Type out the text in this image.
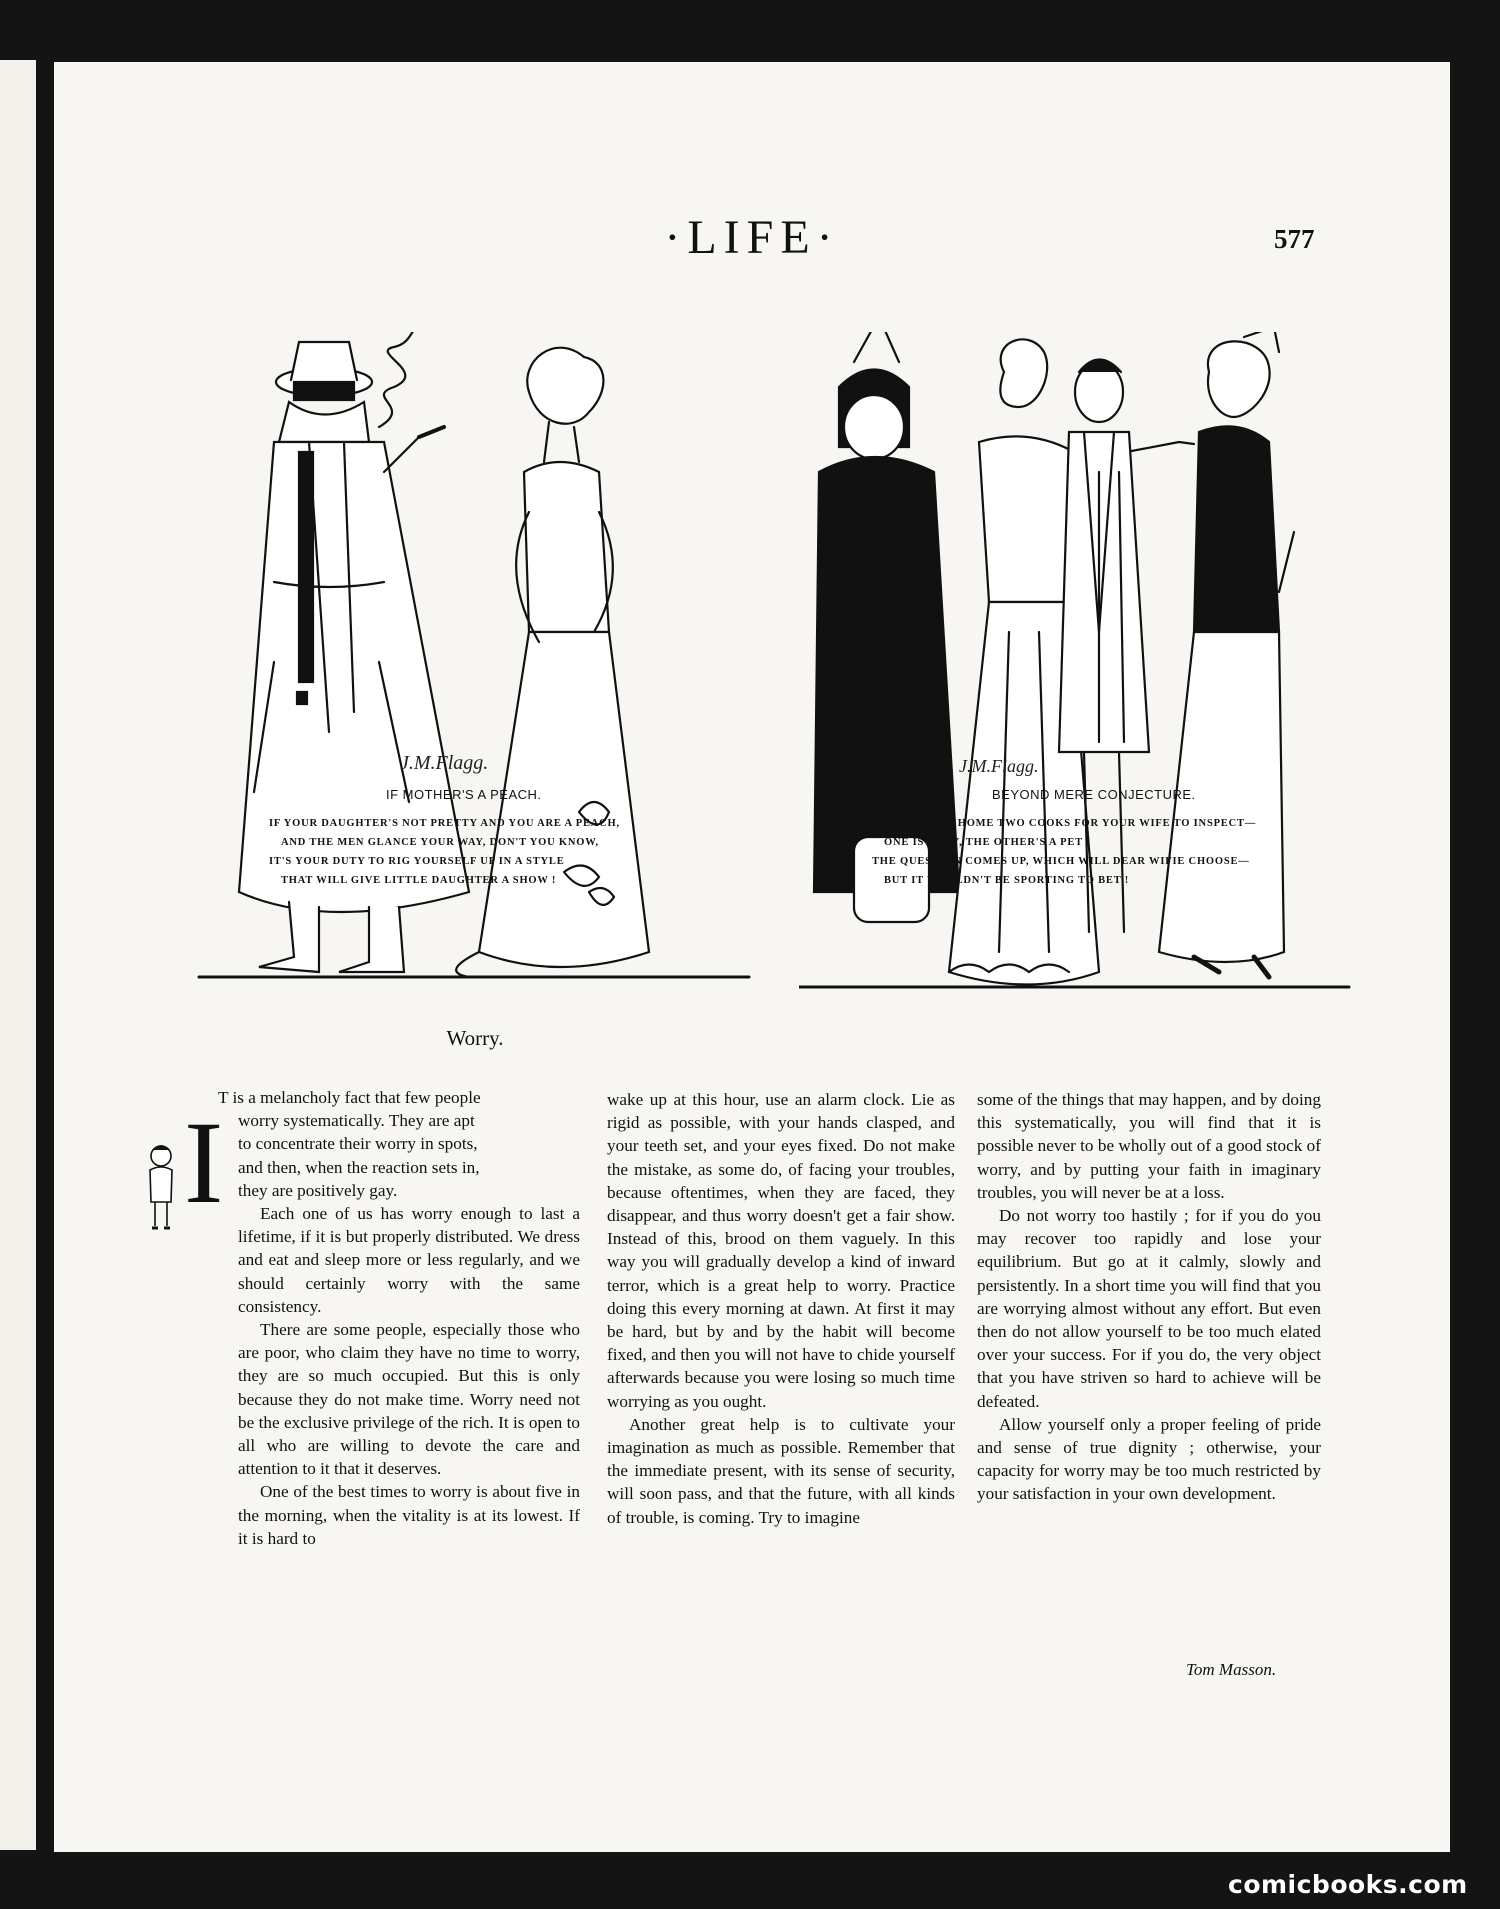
·LIFE·	577
IF MOTHER'S A PEACH.
IF YOUR DAUGHTER'S NOT PRETTY AND YOU ARE A PEACH,
AND THE MEN GLANCE YOUR WAY, DON'T YOU KNOW,
IT'S YOUR DUTY TO RIG YOURSELF UP IN A STYLE
THAT WILL GIVE LITTLE DAUGHTER A SHOW !
J.M.Flagg.
BEYOND MERE CONJECTURE.
IF YOU BRING HOME TWO COOKS FOR YOUR WIFE TO INSPECT—
ONE IS UGLY, THE OTHER'S A PET ;
THE QUESTION COMES UP, WHICH WILL DEAR WIFIE CHOOSE—
BUT IT WOULDN'T BE SPORTING TO BET !
J.M.Flagg.
Worry.
I
T is a melancholy fact that few people
worry systematically. They are apt
to concentrate their worry in spots,
and then, when the reaction sets in,
they are positively gay.

Each one of us has worry enough to last a lifetime, if it is but properly distributed. We dress and eat and sleep more or less regularly, and we should certainly worry with the same consistency.

There are some people, especially those who are poor, who claim they have no time to worry, they are so much occupied. But this is only because they do not make time. Worry need not be the exclusive privilege of the rich. It is open to all who are willing to devote the care and attention to it that it deserves.

One of the best times to worry is about five in the morning, when the vitality is at its lowest. If it is hard to

wake up at this hour, use an alarm clock. Lie as rigid as possible, with your hands clasped, and your teeth set, and your eyes fixed. Do not make the mistake, as some do, of facing your troubles, because oftentimes, when they are faced, they disappear, and thus worry doesn't get a fair show. Instead of this, brood on them vaguely. In this way you will gradually develop a kind of inward terror, which is a great help to worry. Practice doing this every morning at dawn. At first it may be hard, but by and by the habit will become fixed, and then you will not have to chide yourself afterwards because you were losing so much time worrying as you ought.

Another great help is to cultivate your imagination as much as possible. Remember that the immediate present, with its sense of security, will soon pass, and that the future, with all kinds of trouble, is coming. Try to imagine

some of the things that may happen, and by doing this systematically, you will find that it is possible never to be wholly out of a good stock of worry, and by putting your faith in imaginary troubles, you will never be at a loss.

Do not worry too hastily ; for if you do you may recover too rapidly and lose your equilibrium. But go at it calmly, slowly and persistently. In a short time you will find that you are worrying almost without any effort. But even then do not allow yourself to be too much elated over your success. For if you do, the very object that you have striven so hard to achieve will be defeated.

Allow yourself only a proper feeling of pride and sense of true dignity ; otherwise, your capacity for worry may be too much restricted by your satisfaction in your own development.

Tom Masson.
comicbooks.com
